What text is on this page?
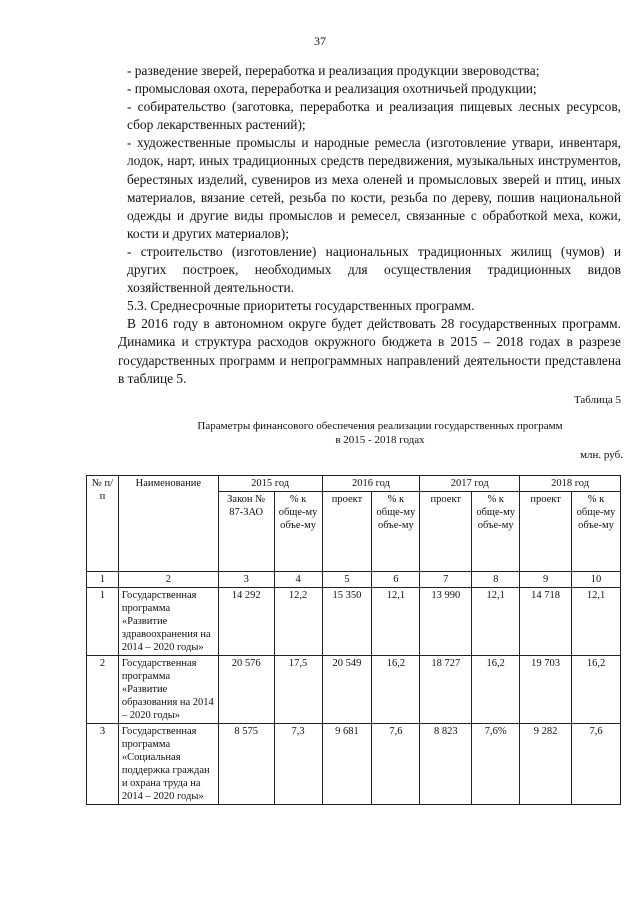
37

- разведение зверей, переработка и реализация продукции звероводства;

- промысловая охота, переработка и реализация охотничьей продукции;

- собирательство (заготовка, переработка и реализация пищевых лесных ресурсов, сбор лекарственных растений);

- художественные промыслы и народные ремесла (изготовление утвари, инвентаря, лодок, нарт, иных традиционных средств передвижения, музыкальных инструментов, берестяных изделий, сувениров из меха оленей и промысловых зверей и птиц, иных материалов, вязание сетей, резьба по кости, резьба по дереву, пошив национальной одежды и другие виды промыслов и ремесел, связанные с обработкой меха, кожи, кости и других материалов);

- строительство (изготовление) национальных традиционных жилищ (чумов) и других построек, необходимых для осуществления традиционных видов хозяйственной деятельности.

5.3. Среднесрочные приоритеты государственных программ.

В 2016 году в автономном округе будет действовать 28 государственных программ. Динамика и структура расходов окружного бюджета в 2015 – 2018 годах в разрезе государственных программ и непрограммных направлений деятельности представлена в таблице 5.

Таблица 5
Параметры финансового обеспечения реализации государственных программ
в 2015 - 2018 годах
млн. руб.
№ п/п	Наименование	2015 год		2016 год		2017 год		2018 год	
		Закон № 87-ЗАО	% к обще-му объе-му	проект	% к обще-му объе-му	проект	% к обще-му объе-му	проект	% к обще-му объе-му
1	2	3	4	5	6	7	8	9	10
1	Государственная программа «Развитие здравоохранения на 2014 – 2020 годы»	14 292	12,2	15 350	12,1	13 990	12,1	14 718	12,1
2	Государственная программа «Развитие образования на 2014 – 2020 годы»	20 576	17,5	20 549	16,2	18 727	16,2	19 703	16,2
3	Государственная программа «Социальная поддержка граждан и охрана труда на 2014 – 2020 годы»	8 575	7,3	9 681	7,6	8 823	7,6%	9 282	7,6
